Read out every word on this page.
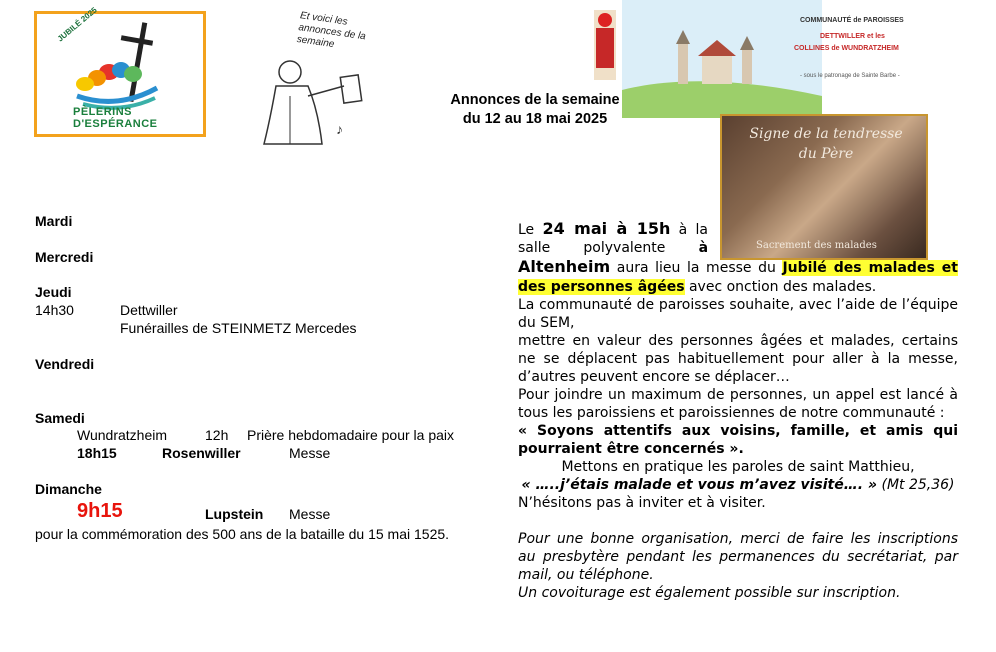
JUBILÉ 2025
PÈLERINS D'ESPÉRANCE	♪
Et voici les annonces de la semaine
COMMUNAUTÉ de PAROISSES
DETTWILLER et les
COLLINES de WUNDRATZHEIM
- sous le patronage de Sainte Barbe -
Signe de la tendresse
du Père
Sacrement des malades
Annonces de la semaine
du 12 au 18 mai 2025
Mardi
Mercredi
Jeudi
14h30	Dettwiller
Funérailles de STEINMETZ Mercedes
Vendredi
Samedi
Wundratzheim	12h Prière hebdomadaire pour la paix
18h15	Rosenwiller	Messe
Dimanche
9h15	Lupstein Messe
pour la commémoration des 500 ans de la bataille du 15 mai 1525.
Le 24 mai à 15h à la
salle polyvalente à
Altenheim aura lieu la messe du Jubilé des malades et
des personnes âgées avec onction des malades.
La communauté de paroisses souhaite, avec l’aide de l’équipe du SEM,
mettre en valeur des personnes âgées et malades, certains ne se déplacent pas habituellement pour aller à la messe, d’autres peuvent encore se déplacer…
Pour joindre un maximum de personnes, un appel est lancé à tous les paroissiens et paroissiennes de notre communauté :
« Soyons attentifs aux voisins, famille, et amis qui pourraient être concernés ».
Mettons en pratique les paroles de saint Matthieu,
« …..j’étais malade et vous m’avez visité…. » (Mt 25,36)
N’hésitons pas à inviter et à visiter.
Pour une bonne organisation, merci de faire les inscriptions au presbytère pendant les permanences du secrétariat, par mail, ou téléphone.
Un covoiturage est également possible sur inscription.
